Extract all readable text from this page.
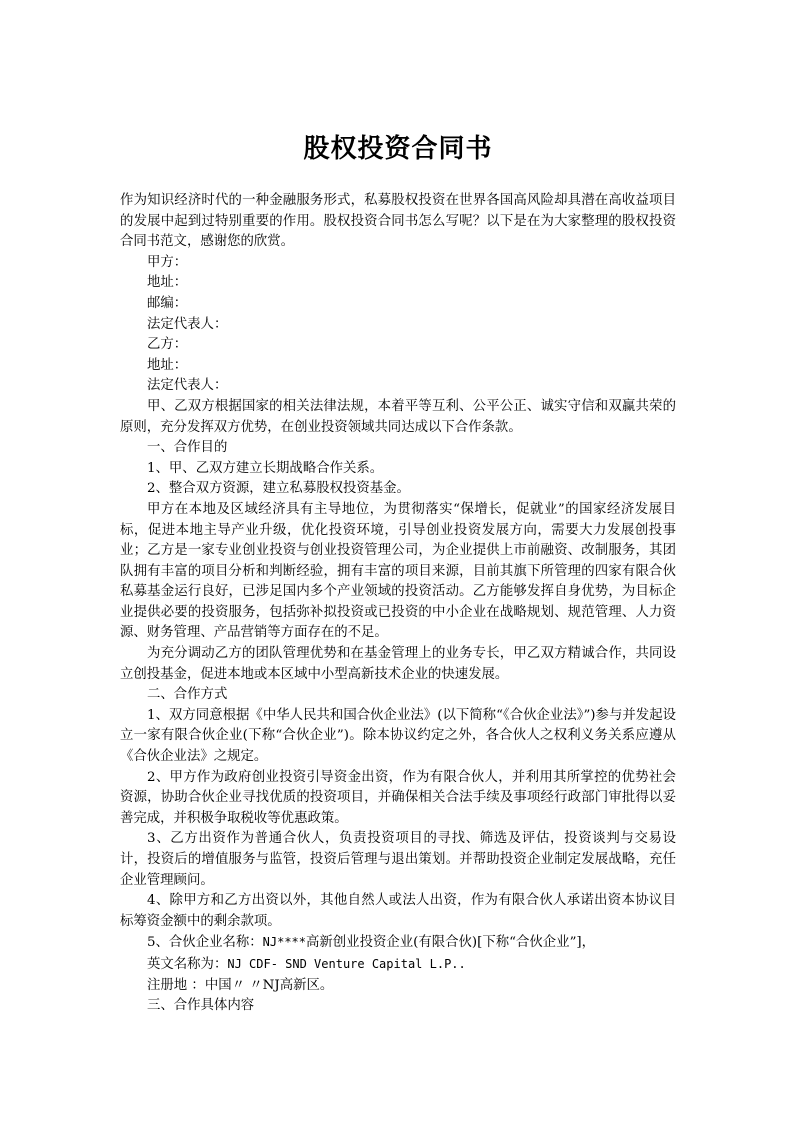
股权投资合同书

作为知识经济时代的一种金融服务形式，私募股权投资在世界各国高风险却具潜在高收益项目的发展中起到过特别重要的作用。股权投资合同书怎么写呢？以下是在为大家整理的股权投资合同书范文，感谢您的欣赏。

甲方：

地址：

邮编：

法定代表人：

乙方：

地址：

法定代表人：

甲、乙双方根据国家的相关法律法规，本着平等互利、公平公正、诚实守信和双赢共荣的原则，充分发挥双方优势，在创业投资领域共同达成以下合作条款。

一、合作目的

1、甲、乙双方建立长期战略合作关系。

2、整合双方资源，建立私募股权投资基金。

甲方在本地及区域经济具有主导地位，为贯彻落实“保增长，促就业”的国家经济发展目标，促进本地主导产业升级，优化投资环境，引导创业投资发展方向，需要大力发展创投事业；乙方是一家专业创业投资与创业投资管理公司，为企业提供上市前融资、改制服务，其团队拥有丰富的项目分析和判断经验，拥有丰富的项目来源，目前其旗下所管理的四家有限合伙私募基金运行良好，已涉足国内多个产业领域的投资活动。乙方能够发挥自身优势，为目标企业提供必要的投资服务，包括弥补拟投资或已投资的中小企业在战略规划、规范管理、人力资源、财务管理、产品营销等方面存在的不足。

为充分调动乙方的团队管理优势和在基金管理上的业务专长，甲乙双方精诚合作，共同设立创投基金，促进本地或本区域中小型高新技术企业的快速发展。

二、合作方式

1、双方同意根据《中华人民共和国合伙企业法》(以下简称“《合伙企业法》”)参与并发起设立一家有限合伙企业(下称“合伙企业”)。除本协议约定之外，各合伙人之权利义务关系应遵从《合伙企业法》之规定。

2、甲方作为政府创业投资引导资金出资，作为有限合伙人，并利用其所掌控的优势社会资源，协助合伙企业寻找优质的投资项目，并确保相关合法手续及事项经行政部门审批得以妥善完成，并积极争取税收等优惠政策。

3、乙方出资作为普通合伙人，负责投资项目的寻找、筛选及评估，投资谈判与交易设计，投资后的增值服务与监管，投资后管理与退出策划。并帮助投资企业制定发展战略，充任企业管理顾问。

4、除甲方和乙方出资以外，其他自然人或法人出资，作为有限合伙人承诺出资本协议目标筹资金额中的剩余款项。

5、合伙企业名称：NJ****高新创业投资企业(有限合伙)[下称“合伙企业”]，

英文名称为：NJ CDF- SND Venture Capital L.P..

注册地 ：中国〃 〃NJ高新区。

三、合作具体内容
